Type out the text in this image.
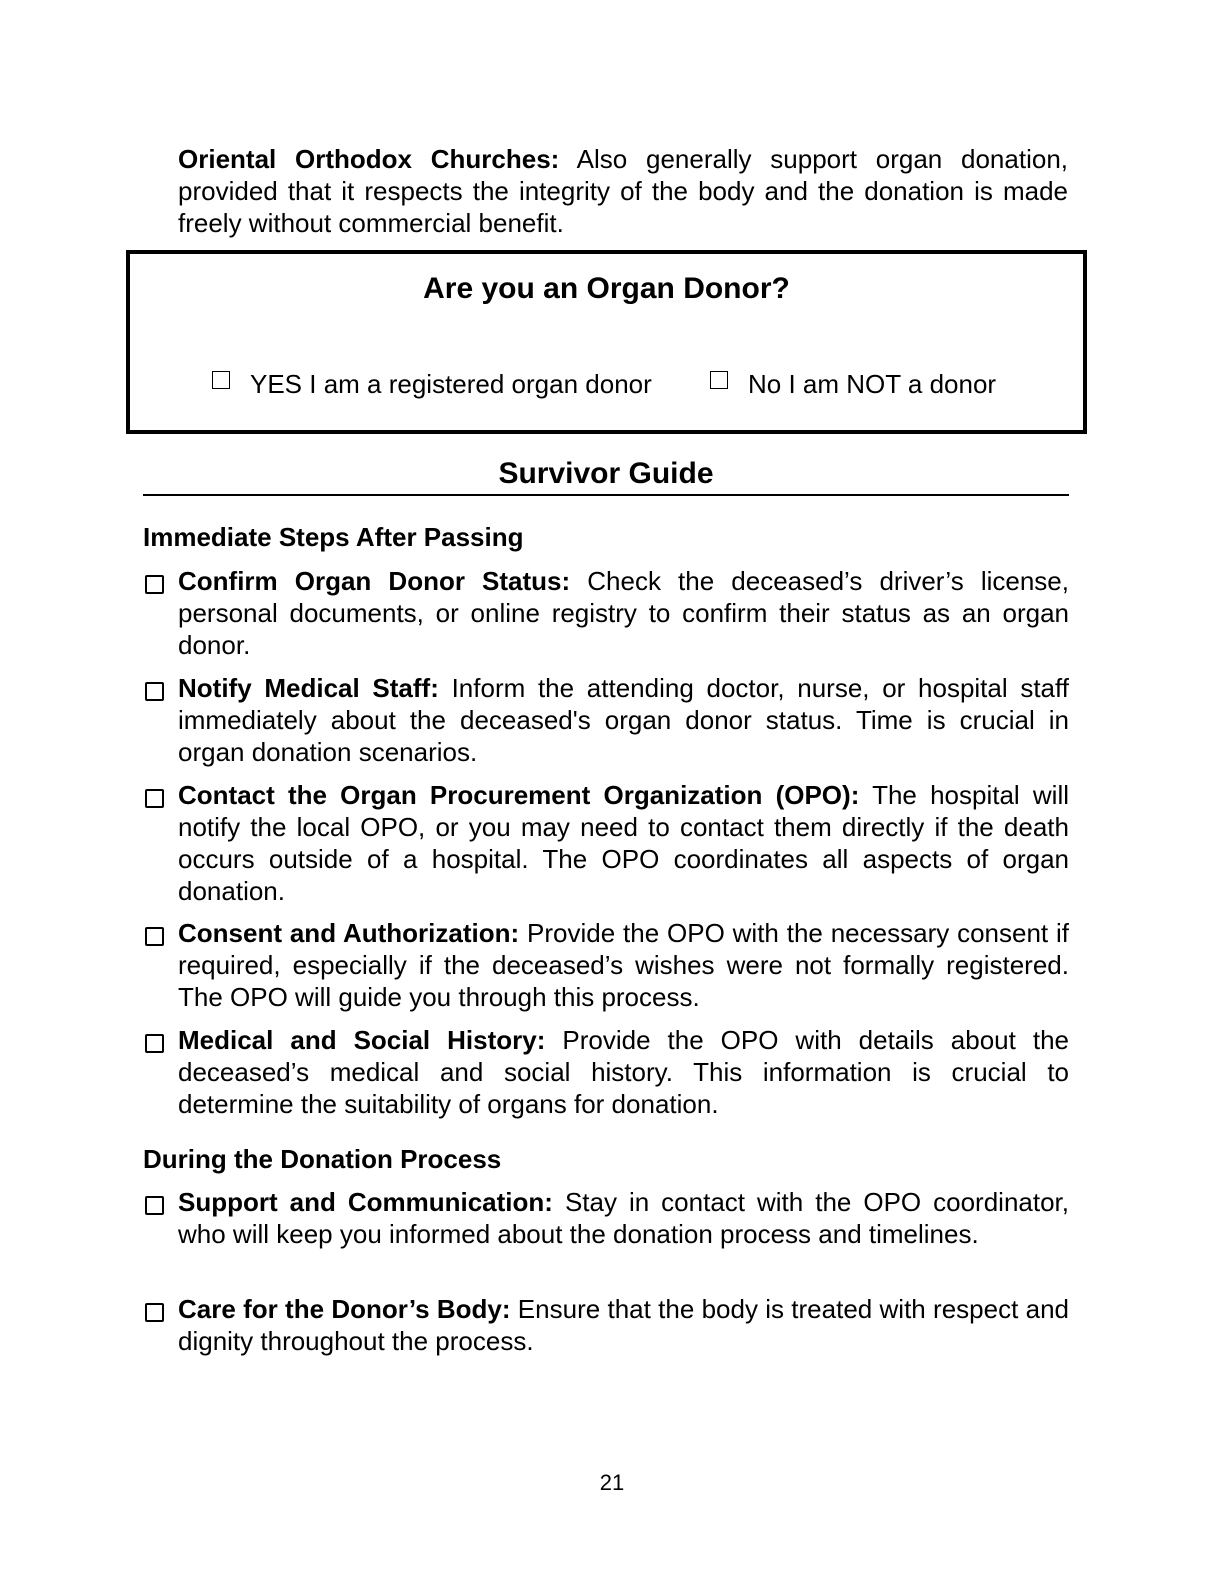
Oriental Orthodox Churches: Also generally support organ donation, provided that it respects the integrity of the body and the donation is made freely without commercial benefit.
Are you an Organ Donor?
YES I am a registered organ donor	No I am NOT a donor
Survivor Guide
Immediate Steps After Passing
Confirm Organ Donor Status: Check the deceased’s driver’s license, personal documents, or online registry to confirm their status as an organ donor.
Notify Medical Staff: Inform the attending doctor, nurse, or hospital staff immediately about the deceased's organ donor status. Time is crucial in organ donation scenarios.
Contact the Organ Procurement Organization (OPO): The hospital will notify the local OPO, or you may need to contact them directly if the death occurs outside of a hospital. The OPO coordinates all aspects of organ donation.
Consent and Authorization: Provide the OPO with the necessary consent if required, especially if the deceased’s wishes were not formally registered. The OPO will guide you through this process.
Medical and Social History: Provide the OPO with details about the deceased’s medical and social history. This information is crucial to determine the suitability of organs for donation.
During the Donation Process
Support and Communication: Stay in contact with the OPO coordinator, who will keep you informed about the donation process and timelines.
Care for the Donor’s Body: Ensure that the body is treated with respect and dignity throughout the process.
21
